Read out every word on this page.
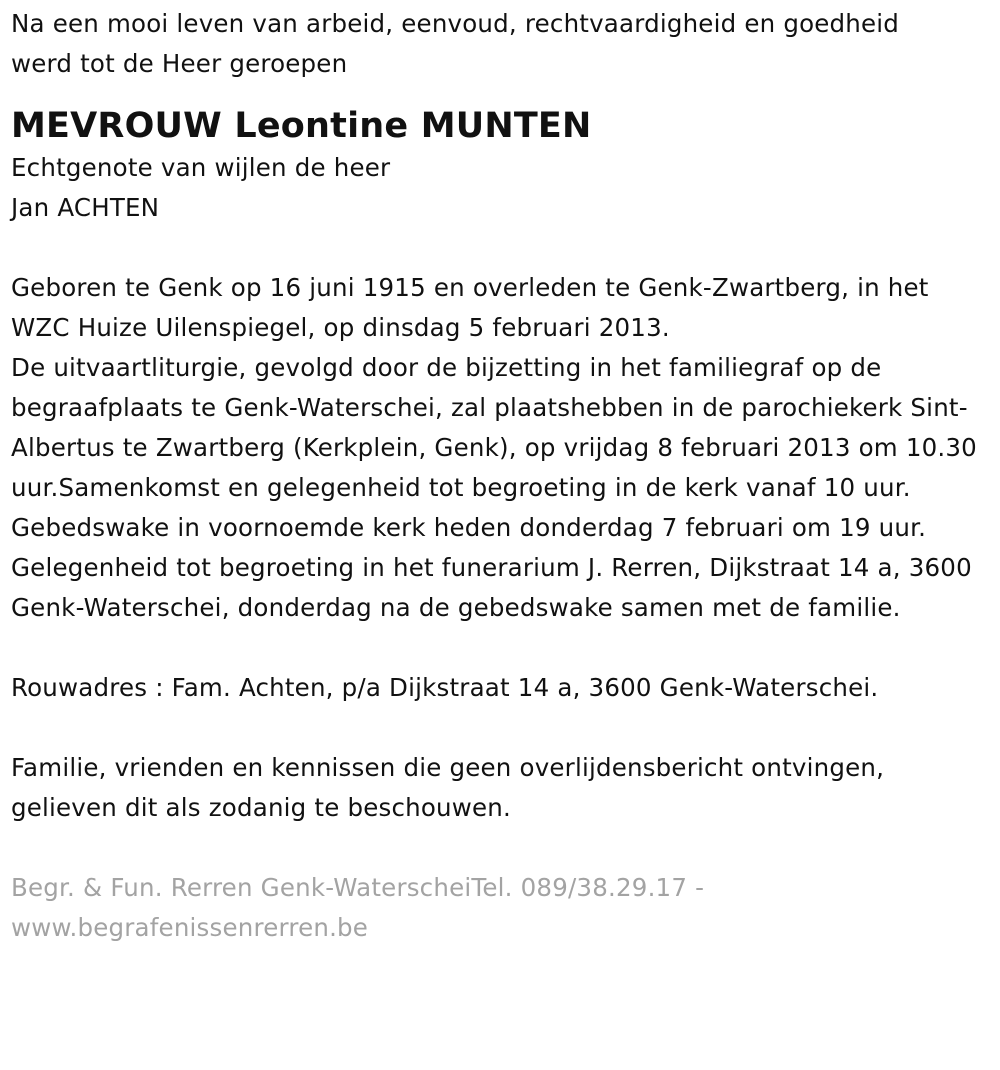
Na een mooi leven van arbeid, eenvoud, rechtvaardigheid en goedheid
werd tot de Heer geroepen

MEVROUW Leontine MUNTEN

Echtgenote van wijlen de heer
Jan ACHTEN

Geboren te Genk op 16 juni 1915 en overleden te Genk-Zwartberg, in het WZC Huize Uilenspiegel, op dinsdag 5 februari 2013.

De uitvaartliturgie, gevolgd door de bijzetting in het familiegraf op de begraafplaats te Genk-Waterschei, zal plaatshebben in de parochiekerk Sint-Albertus te Zwartberg (Kerkplein, Genk), op vrijdag 8 februari 2013 om 10.30 uur.Samenkomst en gelegenheid tot begroeting in de kerk vanaf 10 uur.

Gebedswake in voornoemde kerk heden donderdag 7 februari om 19 uur.

Gelegenheid tot begroeting in het funerarium J. Rerren, Dijkstraat 14 a, 3600 Genk-Waterschei, donderdag na de gebedswake samen met de familie.

Rouwadres : Fam. Achten, p/a Dijkstraat 14 a, 3600 Genk-Waterschei.

Familie, vrienden en kennissen die geen overlijdensbericht ontvingen, gelieven dit als zodanig te beschouwen.

Begr. & Fun. Rerren Genk-WaterscheiTel. 089/38.29.17 -
www.begrafenissenrerren.be
